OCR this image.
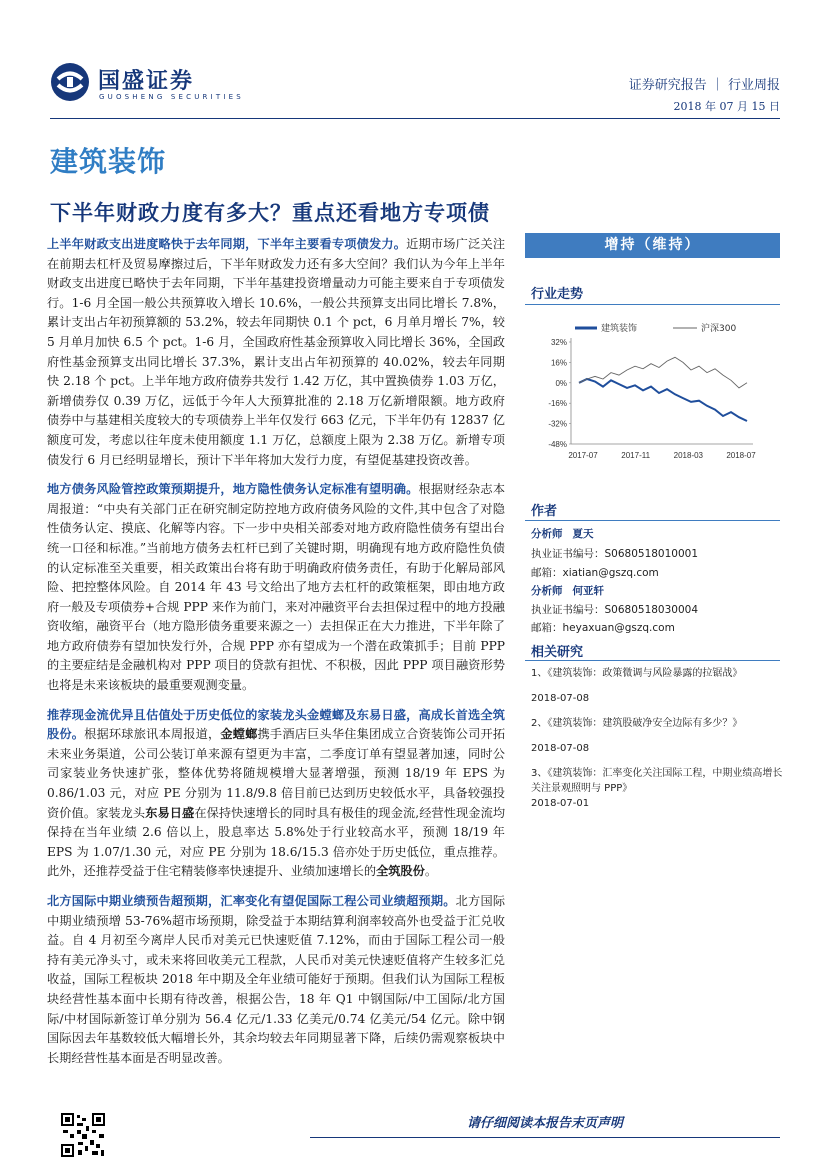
国盛证券
GUOSHENG SECURITIES
证券研究报告 ｜ 行业周报
2018 年 07 月 15 日
建筑装饰
下半年财政力度有多大？重点还看地方专项债

上半年财政支出进度略快于去年同期，下半年主要看专项债发力。近期市场广泛关注在前期去杠杆及贸易摩擦过后，下半年财政发力还有多大空间？我们认为今年上半年财政支出进度已略快于去年同期，下半年基建投资增量动力可能主要来自于专项债发行。1-6 月全国一般公共预算收入增长 10.6%，一般公共预算支出同比增长 7.8%，累计支出占年初预算额的 53.2%，较去年同期快 0.1 个 pct，6 月单月增长 7%，较 5 月单月加快 6.5 个 pct。1-6 月，全国政府性基金预算收入同比增长 36%，全国政府性基金预算支出同比增长 37.3%，累计支出占年初预算的 40.02%，较去年同期快 2.18 个 pct。上半年地方政府债券共发行 1.42 万亿，其中置换债券 1.03 万亿，新增债券仅 0.39 万亿，远低于今年人大预算批准的 2.18 万亿新增限额。地方政府债券中与基建相关度较大的专项债券上半年仅发行 663 亿元，下半年仍有 12837 亿额度可发，考虑以往年度未使用额度 1.1 万亿，总额度上限为 2.38 万亿。新增专项债发行 6 月已经明显增长，预计下半年将加大发行力度，有望促基建投资改善。

地方债务风险管控政策预期提升，地方隐性债务认定标准有望明确。根据财经杂志本周报道：“中央有关部门正在研究制定防控地方政府债务风险的文件,其中包含了对隐性债务认定、摸底、化解等内容。下一步中央相关部委对地方政府隐性债务有望出台统一口径和标准。”当前地方债务去杠杆已到了关键时期，明确现有地方政府隐性负债的认定标准至关重要，相关政策出台将有助于明确政府债务责任，有助于化解局部风险、把控整体风险。自 2014 年 43 号文给出了地方去杠杆的政策框架，即由地方政府一般及专项债券+合规 PPP 来作为前门，来对冲融资平台去担保过程中的地方投融资收缩，融资平台（地方隐形债务重要来源之一）去担保正在大力推进，下半年除了地方政府债券有望加快发行外，合规 PPP 亦有望成为一个潜在政策抓手；目前 PPP 的主要症结是金融机构对 PPP 项目的贷款有担忧、不积极，因此 PPP 项目融资形势也将是未来该板块的最重要观测变量。

推荐现金流优异且估值处于历史低位的家装龙头金螳螂及东易日盛，高成长首选全筑股份。根据环球旅讯本周报道，金螳螂携手酒店巨头华住集团成立合资装饰公司开拓未来业务渠道，公司公装订单来源有望更为丰富，二季度订单有望显著加速，同时公司家装业务快速扩张，整体优势将随规模增大显著增强，预测 18/19 年 EPS 为 0.86/1.03 元，对应 PE 分别为 11.8/9.8 倍目前已达到历史较低水平，具备较强投资价值。家装龙头东易日盛在保持快速增长的同时具有极佳的现金流,经营性现金流均保持在当年业绩 2.6 倍以上，股息率达 5.8%处于行业较高水平，预测 18/19 年 EPS 为 1.07/1.30 元，对应 PE 分别为 18.6/15.3 倍亦处于历史低位，重点推荐。此外，还推荐受益于住宅精装修率快速提升、业绩加速增长的全筑股份。

北方国际中期业绩预告超预期，汇率变化有望促国际工程公司业绩超预期。北方国际中期业绩预增 53-76%超市场预期，除受益于本期结算利润率较高外也受益于汇兑收益。自 4 月初至今离岸人民币对美元已快速贬值 7.12%，而由于国际工程公司一般持有美元净头寸，或未来将回收美元工程款，人民币对美元快速贬值将产生较多汇兑收益，国际工程板块 2018 年中期及全年业绩可能好于预期。但我们认为国际工程板块经营性基本面中长期有待改善，根据公告，18 年 Q1 中钢国际/中工国际/北方国际/中材国际新签订单分别为 56.4 亿元/1.33 亿美元/0.74 亿美元/54 亿元。除中钢国际因去年基数较低大幅增长外，其余均较去年同期显著下降，后续仍需观察板块中长期经营性基本面是否明显改善。

增持（维持）
行业走势
32%
16%
0%
-16%
-32%
-48%
2017-07	2017-11	2018-03	2018-07
建筑装饰	沪深300
作者
分析师 夏天
执业证书编号：S0680518010001
邮箱：xiatian@gszq.com
分析师 何亚轩
执业证书编号：S0680518030004
邮箱：heyaxuan@gszq.com
相关研究
1、《建筑装饰：政策微调与风险暴露的拉锯战》
2018-07-08
2、《建筑装饰：建筑股破净安全边际有多少？》
2018-07-08
3、《建筑装饰：汇率变化关注国际工程，中期业绩高增长关注景观照明与 PPP》
2018-07-01
请仔细阅读本报告末页声明
